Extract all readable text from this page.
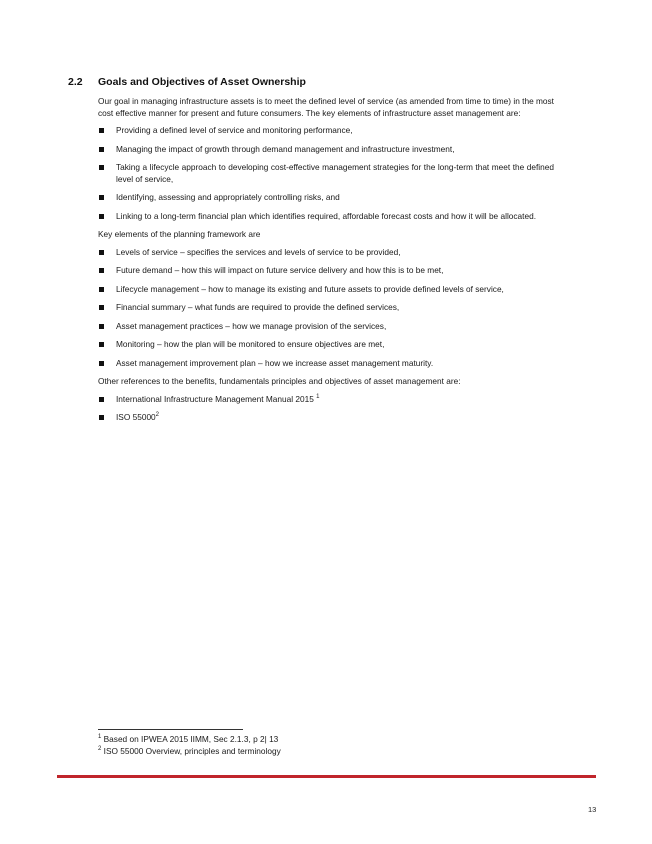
2.2 Goals and Objectives of Asset Ownership

Our goal in managing infrastructure assets is to meet the defined level of service (as amended from time to time) in the most cost effective manner for present and future consumers. The key elements of infrastructure asset management are:

Providing a defined level of service and monitoring performance,
Managing the impact of growth through demand management and infrastructure investment,
Taking a lifecycle approach to developing cost-effective management strategies for the long-term that meet the defined level of service,
Identifying, assessing and appropriately controlling risks, and
Linking to a long-term financial plan which identifies required, affordable forecast costs and how it will be allocated.

Key elements of the planning framework are

Levels of service – specifies the services and levels of service to be provided,
Future demand – how this will impact on future service delivery and how this is to be met,
Lifecycle management – how to manage its existing and future assets to provide defined levels of service,
Financial summary – what funds are required to provide the defined services,
Asset management practices – how we manage provision of the services,
Monitoring – how the plan will be monitored to ensure objectives are met,
Asset management improvement plan – how we increase asset management maturity.

Other references to the benefits, fundamentals principles and objectives of asset management are:

International Infrastructure Management Manual 2015 $^1$
ISO 55000$^2$
$^1$ Based on IPWEA 2015 IIMM, Sec 2.1.3, p 2| 13
$^2$ ISO 55000 Overview, principles and terminology
13
